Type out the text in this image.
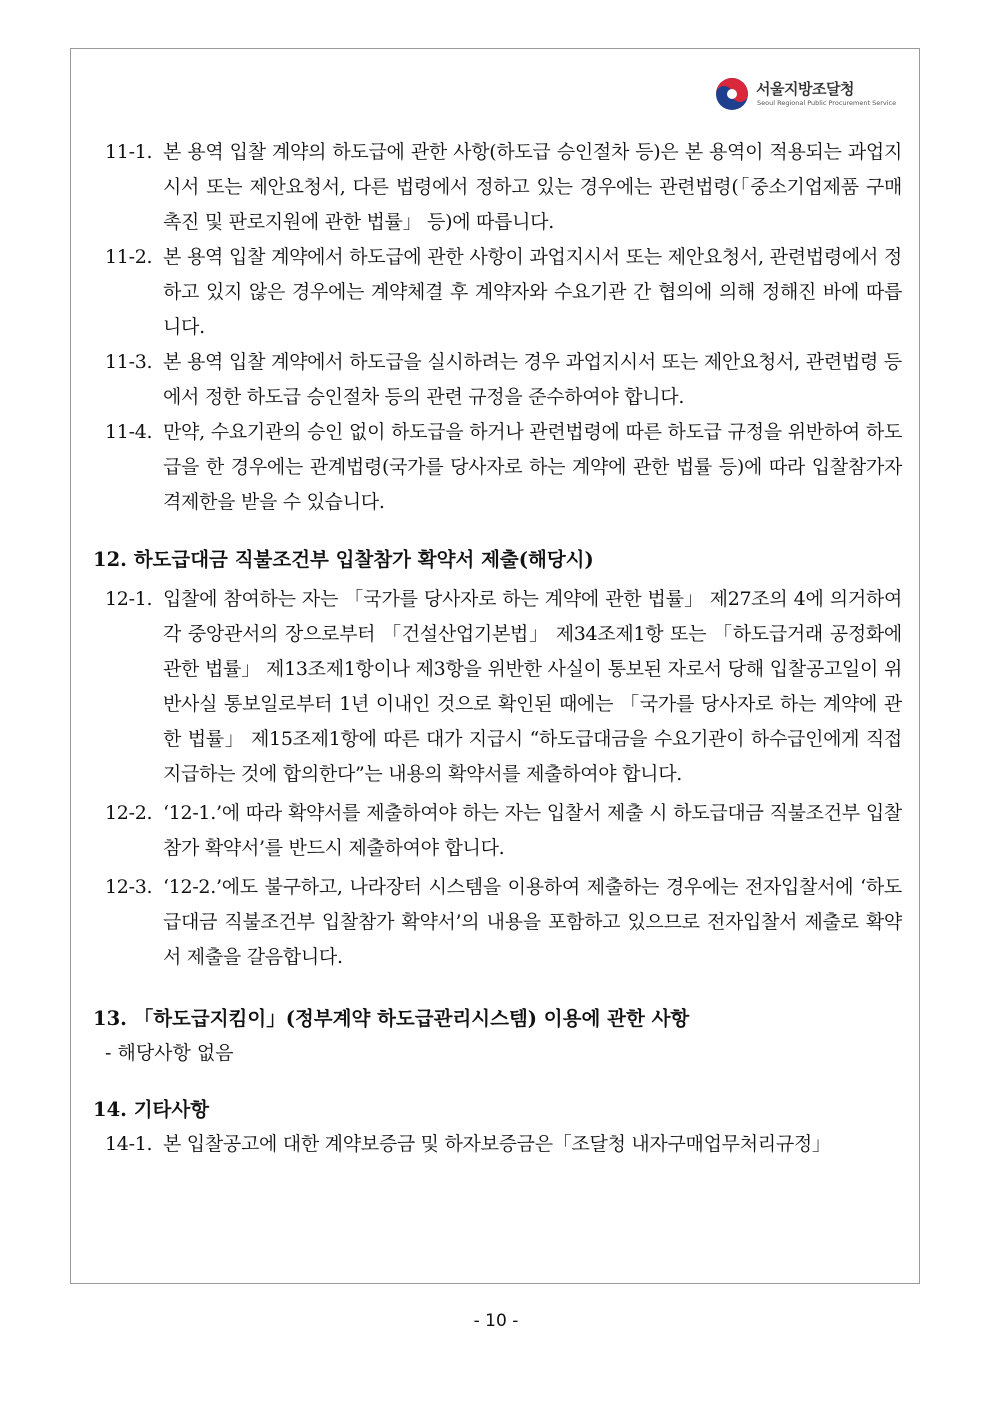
서울지방조달청
Seoul Regional Public Procurement Service
11-1. 본 용역 입찰 계약의 하도급에 관한 사항(하도급 승인절차 등)은 본 용역이 적용되는 과업지시서 또는 제안요청서, 다른 법령에서 정하고 있는 경우에는 관련법령(「중소기업제품 구매촉진 및 판로지원에 관한 법률」 등)에 따릅니다.
11-2. 본 용역 입찰 계약에서 하도급에 관한 사항이 과업지시서 또는 제안요청서, 관련법령에서 정하고 있지 않은 경우에는 계약체결 후 계약자와 수요기관 간 협의에 의해 정해진 바에 따릅니다.
11-3. 본 용역 입찰 계약에서 하도급을 실시하려는 경우 과업지시서 또는 제안요청서, 관련법령 등에서 정한 하도급 승인절차 등의 관련 규정을 준수하여야 합니다.
11-4. 만약, 수요기관의 승인 없이 하도급을 하거나 관련법령에 따른 하도급 규정을 위반하여 하도급을 한 경우에는 관계법령(국가를 당사자로 하는 계약에 관한 법률 등)에 따라 입찰참가자격제한을 받을 수 있습니다.
12. 하도급대금 직불조건부 입찰참가 확약서 제출(해당시)
12-1. 입찰에 참여하는 자는 「국가를 당사자로 하는 계약에 관한 법률」 제27조의 4에 의거하여 각 중앙관서의 장으로부터 「건설산업기본법」 제34조제1항 또는 「하도급거래 공정화에 관한 법률」 제13조제1항이나 제3항을 위반한 사실이 통보된 자로서 당해 입찰공고일이 위반사실 통보일로부터 1년 이내인 것으로 확인된 때에는 「국가를 당사자로 하는 계약에 관한 법률」 제15조제1항에 따른 대가 지급시 “하도급대금을 수요기관이 하수급인에게 직접 지급하는 것에 합의한다”는 내용의 확약서를 제출하여야 합니다.
12-2. ‘12-1.’에 따라 확약서를 제출하여야 하는 자는 입찰서 제출 시 하도급대금 직불조건부 입찰참가 확약서’를 반드시 제출하여야 합니다.
12-3. ‘12-2.’에도 불구하고, 나라장터 시스템을 이용하여 제출하는 경우에는 전자입찰서에 ‘하도급대금 직불조건부 입찰참가 확약서’의 내용을 포함하고 있으므로 전자입찰서 제출로 확약서 제출을 갈음합니다.
13. 「하도급지킴이」(정부계약 하도급관리시스템) 이용에 관한 사항
- 해당사항 없음
14. 기타사항
14-1. 본 입찰공고에 대한 계약보증금 및 하자보증금은「조달청 내자구매업무처리규정」
- 10 -
